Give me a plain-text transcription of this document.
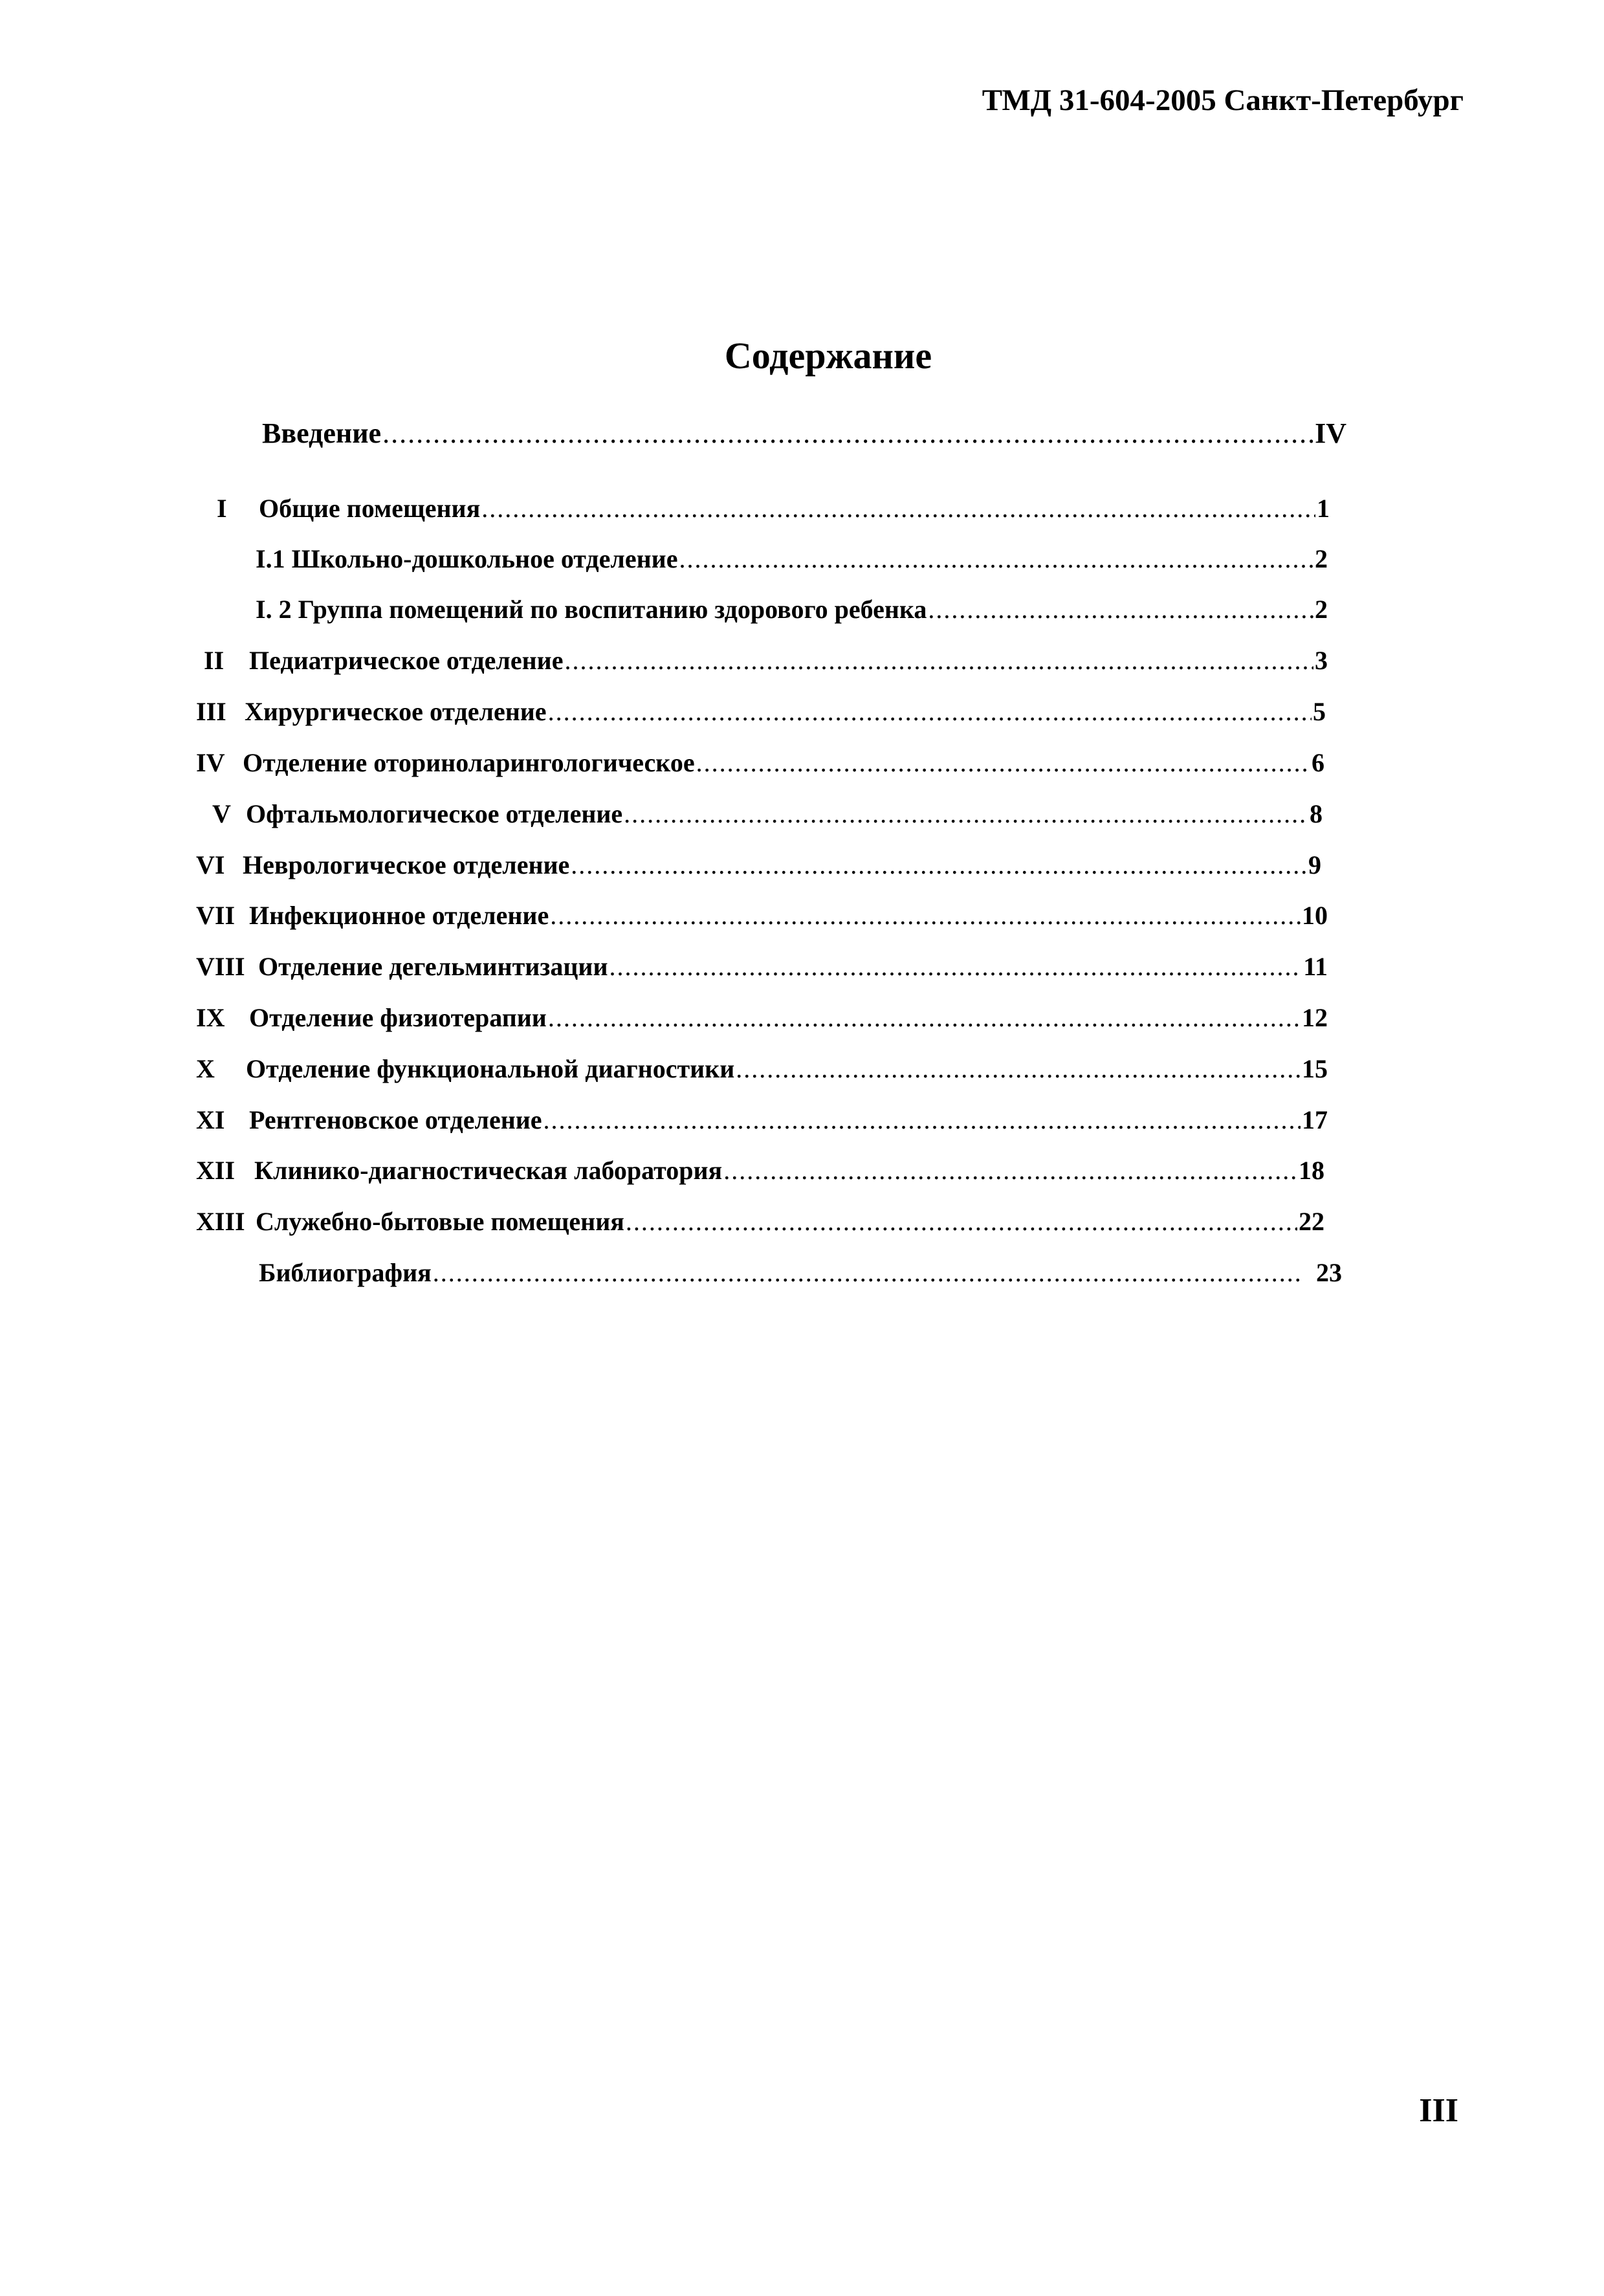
ТМД 31-604-2005 Санкт-Петербург
Содержание
Введение .....	IV
I	Общие помещения .....	1
I.1 Школьно-дошкольное отделение .....	2
I. 2 Группа помещений по воспитанию здорового ребенка .....	2
II Педиатрическое отделение .....	3
III Хирургическое отделение .....	5
IV Отделение оториноларингологическое .....	6
V Офтальмологическое отделение .....	8
VI Неврологическое отделение .....	9
VII Инфекционное отделение .....	10
VIII Отделение дегельминтизации .....	11
IX Отделение физиотерапии .....	12
X	Отделение функциональной диагностики .....	15
XI Рентгеновское отделение .....	17
XII Клинико-диагностическая лаборатория .....	18
XIII Служебно-бытовые помещения .....	22
Библиография .....	23
III
